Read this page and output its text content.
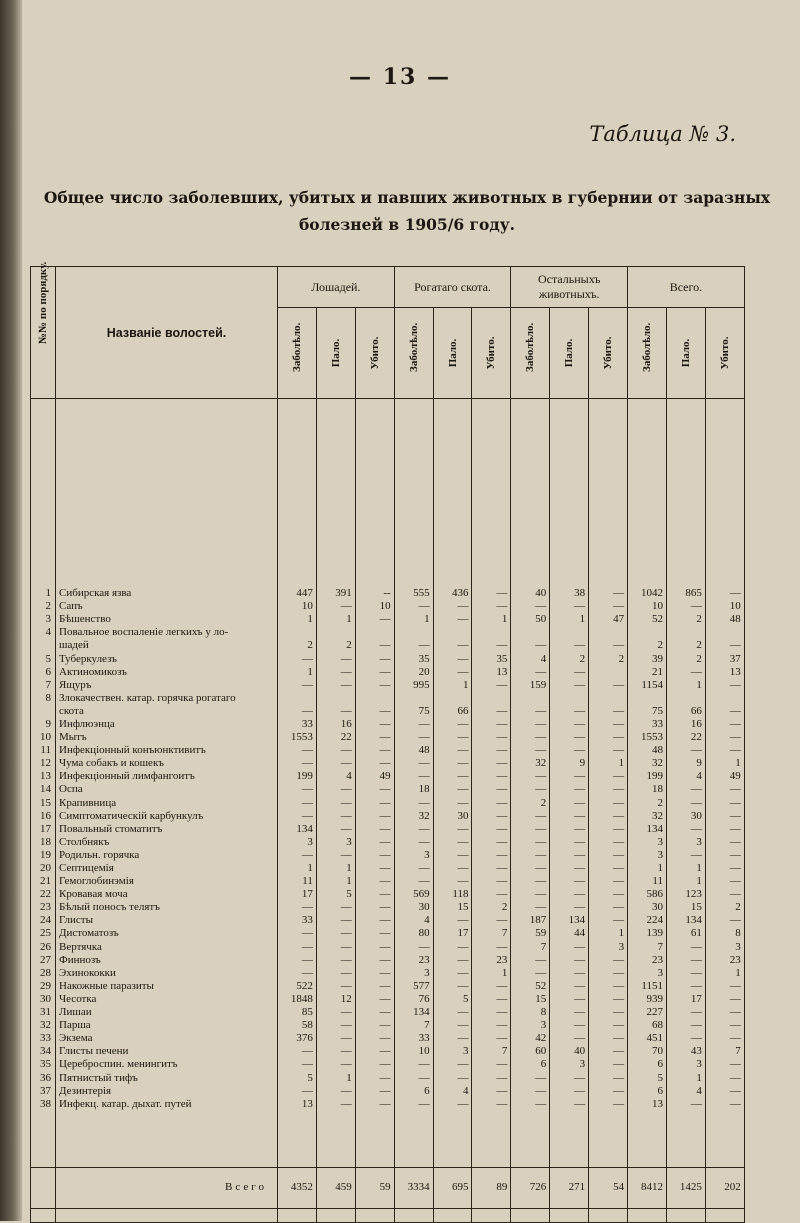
— 13 —
Таблица № 3.
Общее число заболевших, убитых и павших животных в губернии от заразных
болезней в 1905/6 году.
№№ по порядку.	Названіе волостей.	Лошадей.			Рогатаго скота.			Остальныхъ животныхъ.			Всего.		

		Заболѣло.	Пало.	Убито.	Заболѣло.	Пало.	Убито.	Заболѣло.	Пало.	Убито.	Заболѣло.	Пало.	Убито.

1	Сибирская язва	447	391	--	555	436	—	40	38	—	1042	865	—
2	Сапъ	10	—	10	—	—	—	—	—	—	10	—	10
3	Бѣшенство	1	1	—	1	—	1	50	1	47	52	2	48
4	Повальное воспаленіе легкихъ у ло-												
	шадей	2	2	—	—	—	—	—	—	—	2	2	—
5	Туберкулезъ	—	—	—	35	—	35	4	2	2	39	2	37
6	Актиномикозъ	1	—	—	20	—	13	—	—		21	—	13
7	Ящуръ	—	—	—	995	1	—	159	—	—	1154	1	—
8	Злокачествен. катар. горячка рогатаго												
	скота	—	—	—	75	66	—	—	—	—	75	66	—
9	Инфлюэнца	33	16	—	—	—	—	—	—	—	33	16	—
10	Мытъ	1553	22	—	—	—	—	—	—	—	1553	22	—
11	Инфекціонный конъюнктивитъ	—	—	—	48	—	—	—	—	—	48	—	—
12	Чума собакъ и кошекъ	—	—	—	—	—	—	32	9	1	32	9	1
13	Инфекціонный лимфангоитъ	199	4	49	—	—	—	—	—	—	199	4	49
14	Оспа	—	—	—	18	—	—	—	—	—	18	—	—
15	Крапивница	—	—	—	—	—	—	2	—	—	2	—	—
16	Симптоматическій карбункулъ	—	—	—	32	30	—	—	—	—	32	30	—
17	Повальный стоматитъ	134	—	—	—	—	—	—	—	—	134	—	—
18	Столбнякъ	3	3	—	—	—	—	—	—	—	3	3	—
19	Родильн. горячка	—	—	—	3	—	—	—	—	—	3	—	—
20	Септицемія	1	1	—	—	—	—	—	—	—	1	1	—
21	Гемоглобинэмія	11	1	—	—	—	—	—	—	—	11	1	—
22	Кровавая моча	17	5	—	569	118	—	—	—	—	586	123	—
23	Бѣлый поносъ телятъ	—	—	—	30	15	2	—	—	—	30	15	2
24	Глисты	33	—	—	4	—	—	187	134	—	224	134	—
25	Дистоматозъ	—	—	—	80	17	7	59	44	1	139	61	8
26	Вертячка	—	—	—	—	—	—	7	—	3	7	—	3
27	Финнозъ	—	—	—	23	—	23	—	—	—	23	—	23
28	Эхинококки	—	—	—	3	—	1	—	—	—	3	—	1
29	Накожные паразиты	522	—	—	577	—	—	52	—	—	1151	—	—
30	Чесотка	1848	12	—	76	5	—	15	—	—	939	17	—
31	Лишаи	85	—	—	134	—	—	8	—	—	227	—	—
32	Парша	58	—	—	7	—	—	3	—	—	68	—	—
33	Экзема	376	—	—	33	—	—	42	—	—	451	—	—
34	Глисты печени	—	—	—	10	3	7	60	40	—	70	43	7
35	Цереброспин. менингитъ	—	—	—	—	—	—	6	3	—	6	3	—
36	Пятнистый тифъ	5	1	—	—	—	—	—	—	—	5	1	—
37	Дезинтерія	—	—	—	6	4	—	—	—	—	6	4	—
38	Инфекц. катар. дыхат. путей	13	—	—	—	—	—	—	—	—	13	—	—

	Всего	4352	459	59	3334	695	89	726	271	54	8412	1425	202
